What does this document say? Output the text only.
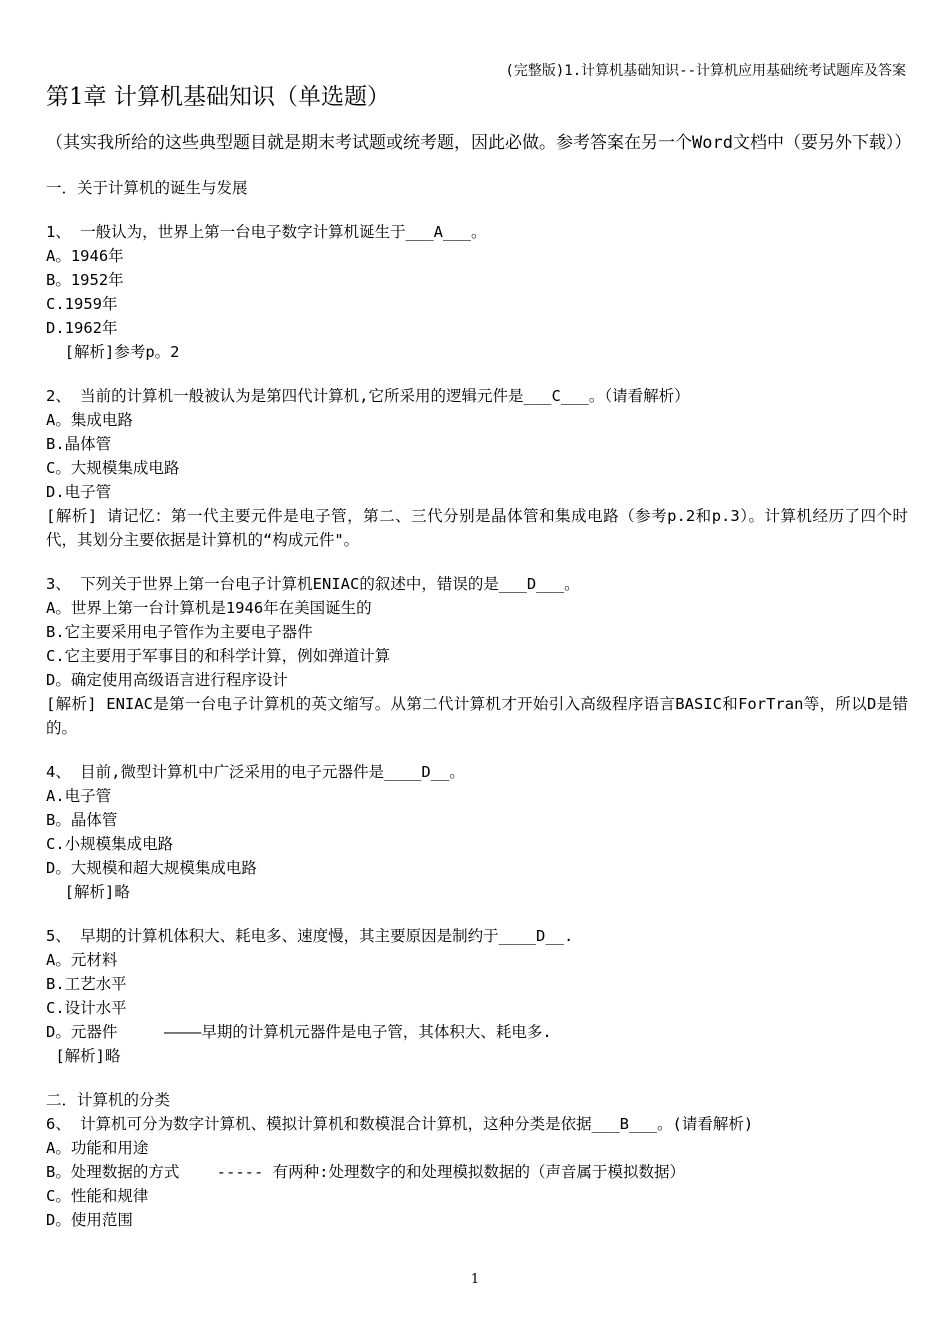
(完整版)1.计算机基础知识--计算机应用基础统考试题库及答案
第1章 计算机基础知识（单选题）
（其实我所给的这些典型题目就是期末考试题或统考题，因此必做。参考答案在另一个Word文档中（要另外下载））
一．关于计算机的诞生与发展
1、 一般认为，世界上第一台电子数字计算机诞生于___A___。
A。1946年
B。1952年
C.1959年
D.1962年
[解析]参考p。2
2、 当前的计算机一般被认为是第四代计算机,它所采用的逻辑元件是___C___。（请看解析）
A。集成电路
B.晶体管
C。大规模集成电路
D.电子管
[解析] 请记忆：第一代主要元件是电子管，第二、三代分别是晶体管和集成电路（参考p.2和p.3）。计算机经历了四个时代，其划分主要依据是计算机的“构成元件"。
3、 下列关于世界上第一台电子计算机ENIAC的叙述中，错误的是___D___。
A。世界上第一台计算机是1946年在美国诞生的
B.它主要采用电子管作为主要电子器件
C.它主要用于军事目的和科学计算，例如弹道计算
D。确定使用高级语言进行程序设计
[解析] ENIAC是第一台电子计算机的英文缩写。从第二代计算机才开始引入高级程序语言BASIC和ForTran等，所以D是错的。
4、 目前,微型计算机中广泛采用的电子元器件是____D__。
A.电子管
B。晶体管
C.小规模集成电路
D。大规模和超大规模集成电路
[解析]略
5、 早期的计算机体积大、耗电多、速度慢，其主要原因是制约于____D__.
A。元材料
B.工艺水平
C.设计水平
D。元器件     ————早期的计算机元器件是电子管，其体积大、耗电多.
[解析]略
二．计算机的分类
6、 计算机可分为数字计算机、模拟计算机和数模混合计算机，这种分类是依据___B___。(请看解析)
A。功能和用途
B。处理数据的方式    ----- 有两种:处理数字的和处理模拟数据的（声音属于模拟数据）
C。性能和规律
D。使用范围
1
